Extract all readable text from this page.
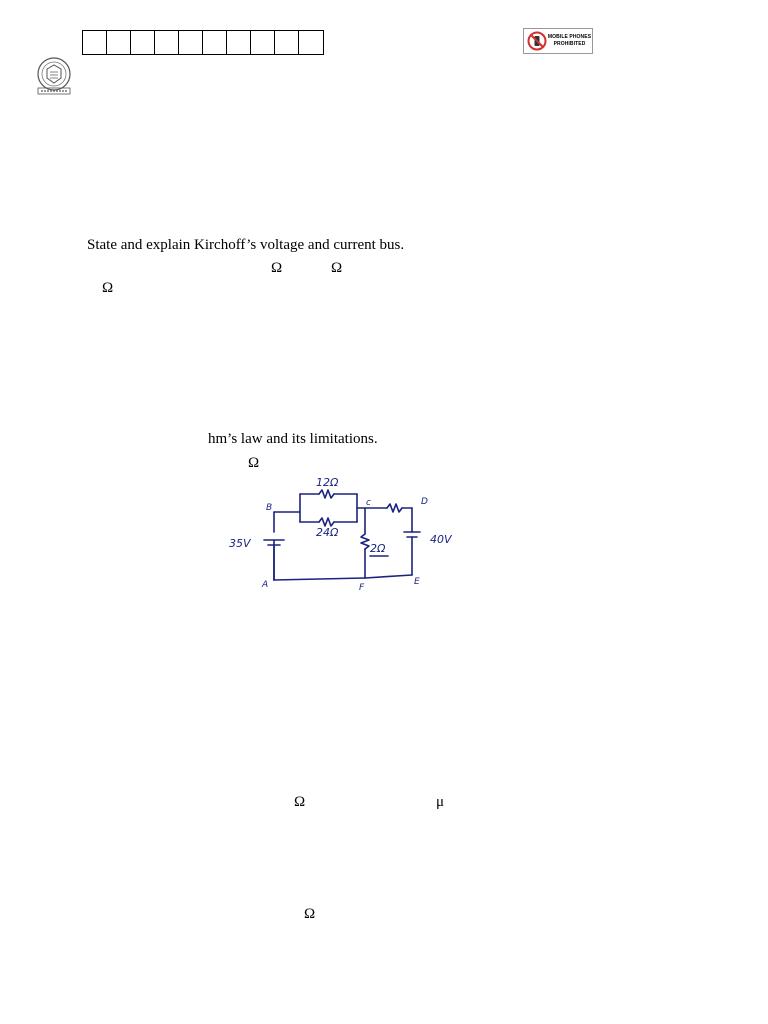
MOBILE PHONES
PROHIBITED
State and explain Kirchoff’s voltage and current bus.
Ω	Ω
Ω
hm’s law and its limitations.
Ω
12Ω
24Ω
2Ω
35V	40V
A
B	c	D
E
F
Ω	μ
Ω
